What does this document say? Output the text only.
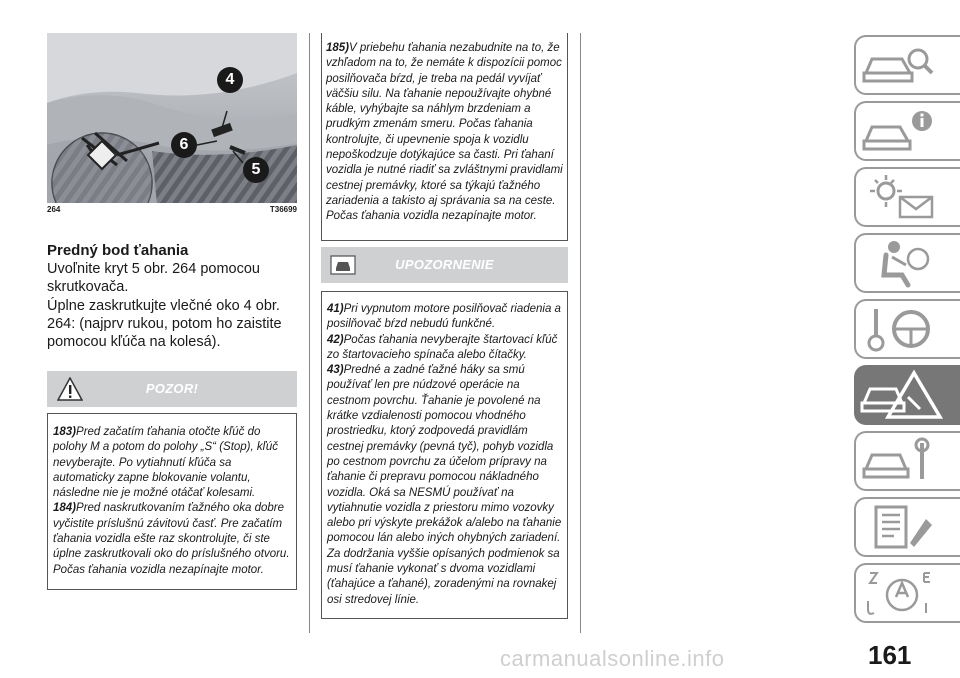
4
6
5
264	T36699
Predný bod ťahania

Uvoľnite kryt 5 obr. 264 pomocou skrutkovača.

Úplne zaskrutkujte vlečné oko 4 obr. 264: (najprv rukou, potom ho zaistite pomocou kľúča na kolesá).

POZOR!

183)Pred začatím ťahania otočte kľúč do polohy M a potom do polohy „S“ (Stop), kľúč nevyberajte. Po vytiahnutí kľúča sa automaticky zapne blokovanie volantu, následne nie je možné otáčať kolesami.

184)Pred naskrutkovaním ťažného oka dobre vyčistite príslušnú závitovú časť. Pre začatím ťahania vozidla ešte raz skontrolujte, či ste úplne zaskrutkovali oko do príslušného otvoru. Počas ťahania vozidla nezapínajte motor.

185)V priebehu ťahania nezabudnite na to, že vzhľadom na to, že nemáte k dispozícii pomoc posilňovača bŕzd, je treba na pedál vyvíjať väčšiu silu. Na ťahanie nepoužívajte ohybné káble, vyhýbajte sa náhlym brzdeniam a prudkým zmenám smeru. Počas ťahania kontrolujte, či upevnenie spoja k vozidlu nepoškodzuje dotýkajúce sa časti. Pri ťahaní vozidla je nutné riadiť sa zvláštnymi pravidlami cestnej premávky, ktoré sa týkajú ťažného zariadenia a takisto aj správania sa na ceste. Počas ťahania vozidla nezapínajte motor.

UPOZORNENIE

41)Pri vypnutom motore posilňovač riadenia a posilňovač bŕzd nebudú funkčné.

42)Počas ťahania nevyberajte štartovací kľúč zo štartovacieho spínača alebo čítačky.

43)Predné a zadné ťažné háky sa smú používať len pre núdzové operácie na cestnom povrchu. Ťahanie je povolené na krátke vzdialenosti pomocou vhodného prostriedku, ktorý zodpovedá pravidlám cestnej premávky (pevná tyč), pohyb vozidla po cestnom povrchu za účelom prípravy na ťahanie či prepravu pomocou nákladného vozidla. Oká sa NESMÚ používať na vytiahnutie vozidla z priestoru mimo vozovky alebo pri výskyte prekážok a/alebo na ťahanie pomocou lán alebo iných ohybných zariadení. Za dodržania vyššie opísaných podmienok sa musí ťahanie vykonať s dvoma vozidlami (ťahajúce a ťahané), zoradenými na rovnakej osi stredovej línie.

161
carmanualsonline.info
